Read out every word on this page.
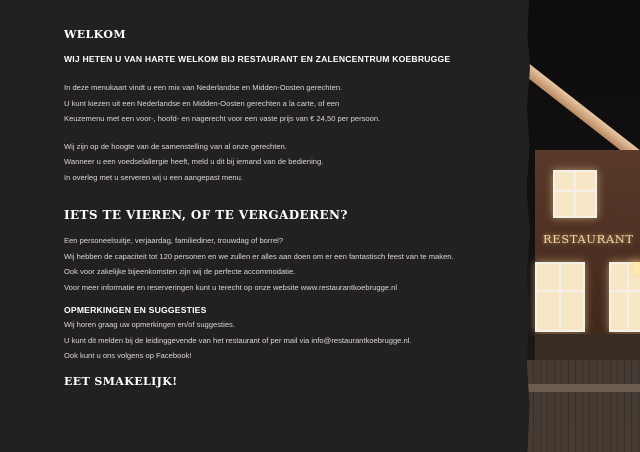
WELKOM
WIJ HETEN U VAN HARTE WELKOM BIJ RESTAURANT EN ZALENCENTRUM KOEBRUGGE
In deze menukaart vindt u een mix van Nederlandse en Midden-Oosten gerechten.
U kunt kiezen uit een Nederlandse en Midden-Oosten gerechten a la carte, of een
Keuzemenu met een voor-, hoofd- en nagerecht voor een vaste prijs van € 24,50 per persoon.
Wij zijn op de hoogte van de samenstelling van al onze gerechten.
Wanneer u een voedselallergie heeft, meld u dit bij iemand van de bediening.
In overleg met u serveren wij u een aangepast menu.
IETS TE VIEREN, OF TE VERGADEREN?
Een personeelsuitje, verjaardag, familiediner, trouwdag of borrel?
Wij hebben de capaciteit tot 120 personen en we zullen er alles aan doen om er een fantastisch feest van te maken.
Ook voor zakelijke bijeenkomsten zijn wij de perfecte accommodatie.
Voor meer informatie en reserveringen kunt u terecht op onze website www.restaurantkoebrugge.nl
OPMERKINGEN EN SUGGESTIES
Wij horen graag uw opmerkingen en/of suggesties.
U kunt dit melden bij de leidinggevende van het restaurant of per mail via info@restaurantkoebrugge.nl.
Ook kunt u ons volgens op Facebook!
EET SMAKELIJK!
RESTAURANT
